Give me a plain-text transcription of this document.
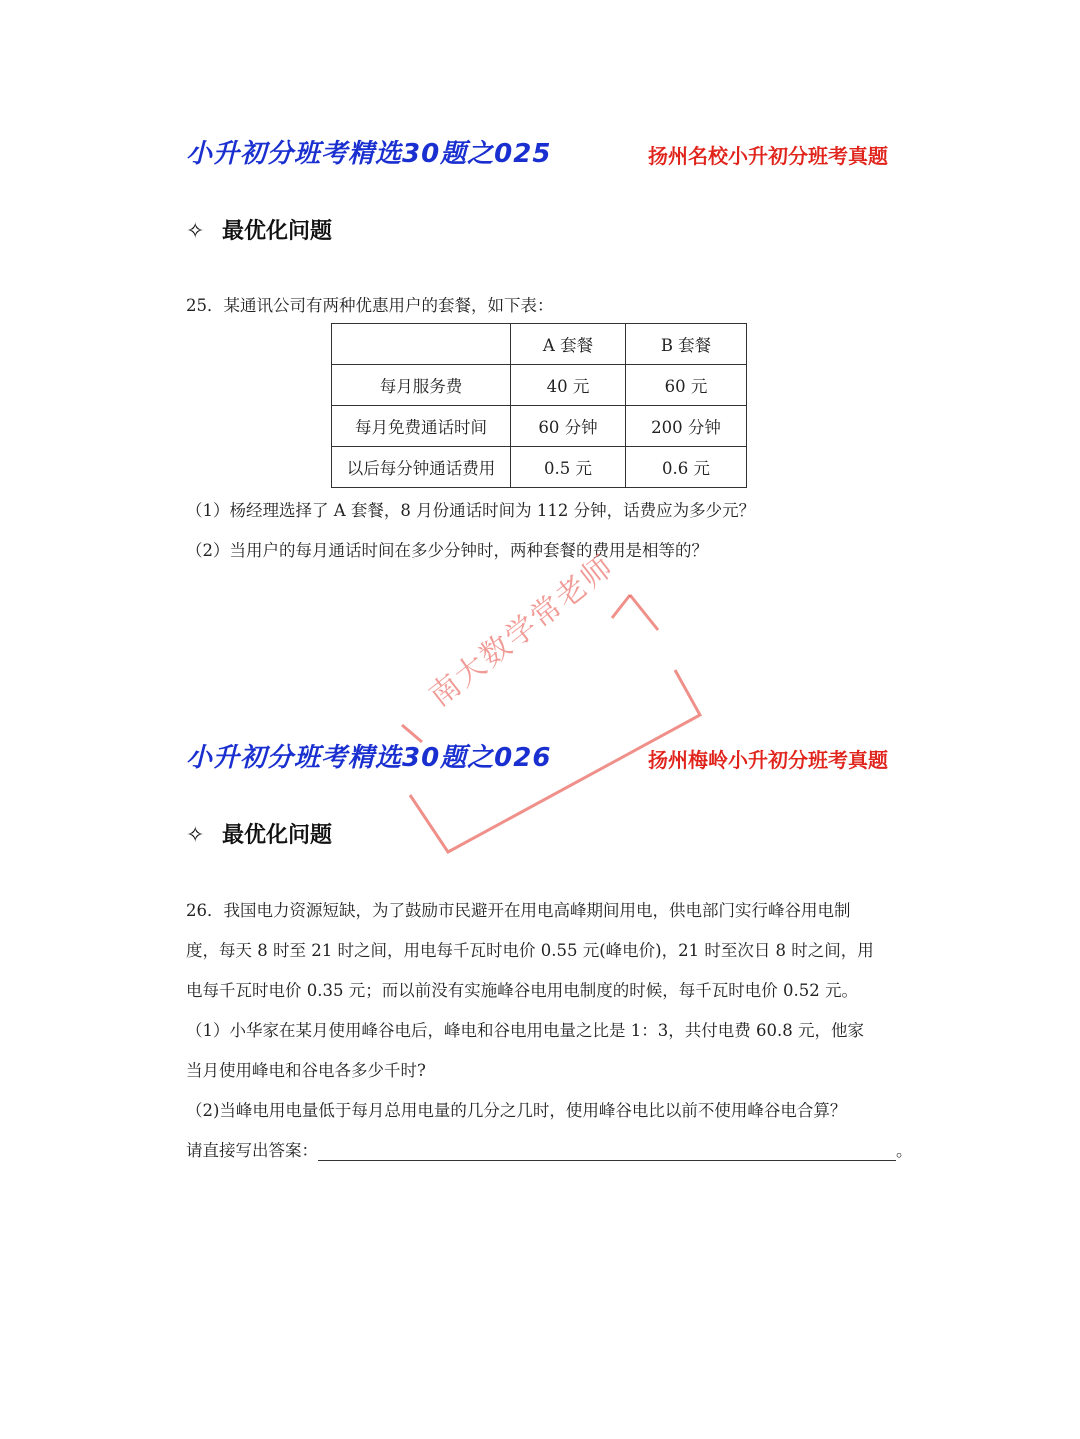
小升初分班考精选30题之025	扬州名校小升初分班考真题
✧ 最优化问题
25．某通讯公司有两种优惠用户的套餐，如下表：
	A 套餐	B 套餐
每月服务费	40 元	60 元
每月免费通话时间	60 分钟	200 分钟
以后每分钟通话费用	0.5 元	0.6 元
（1）杨经理选择了 A 套餐，8 月份通话时间为 112 分钟，话费应为多少元？
（2）当用户的每月通话时间在多少分钟时，两种套餐的费用是相等的？
南大数学常老师
小升初分班考精选30题之026	扬州梅岭小升初分班考真题
✧ 最优化问题
26．我国电力资源短缺，为了鼓励市民避开在用电高峰期间用电，供电部门实行峰谷用电制
度，每天 8 时至 21 时之间，用电每千瓦时电价 0.55 元(峰电价)，21 时至次日 8 时之间，用
电每千瓦时电价 0.35 元；而以前没有实施峰谷电用电制度的时候，每千瓦时电价 0.52 元。
（1）小华家在某月使用峰谷电后，峰电和谷电用电量之比是 1：3，共付电费 60.8 元，他家
当月使用峰电和谷电各多少千时?
（2)当峰电用电量低于每月总用电量的几分之几时，使用峰谷电比以前不使用峰谷电合算？
请直接写出答案：	。
